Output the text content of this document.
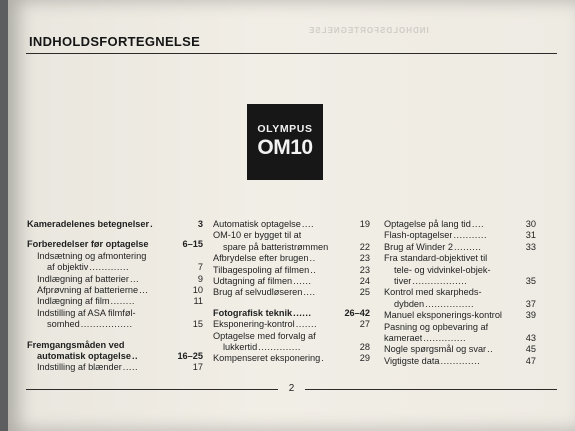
INDHOLDSFORTEGNELSE
INDHOLDSFORTEGNELSE
OLYMPUS
OM10
Kameradelenes betegnelser .	3
Forberedelser før optagelse	6–15
Indsætning og afmontering
af objektiv .............	7
Indlægning af batterier ...	9
Afprøvning af batterierne ...	10
Indlægning af film ........	11
Indstilling af ASA filmføl-
somhed .................	15
Fremgangsmåden ved
automatisk optagelse ..	16–25
Indstilling af blænder .....	17
Automatisk optagelse ....	19
OM-10 er bygget til at
spare på batteristrømmen	22
Afbrydelse efter brugen ..	23
Tilbagespoling af filmen ..	23
Udtagning af filmen ......	24
Brug af selvudløseren ....	25
Fotografisk teknik ......	26–42
Eksponering-kontrol .......	27
Optagelse med forvalg af
lukkertid ..............	28
Kompenseret eksponering .	29
Optagelse på lang tid ....	30
Flash-optagelser ...........	31
Brug af Winder 2 .........	33
Fra standard-objektivet til
tele- og vidvinkel-objek-
tiver ..................	35
Kontrol med skarpheds-
dybden ................	37
Manuel eksponerings-kontrol	39
Pasning og opbevaring af
kameraet ..............	43
Nogle spørgsmål og svar ..	45
Vigtigste data .............	47
2
